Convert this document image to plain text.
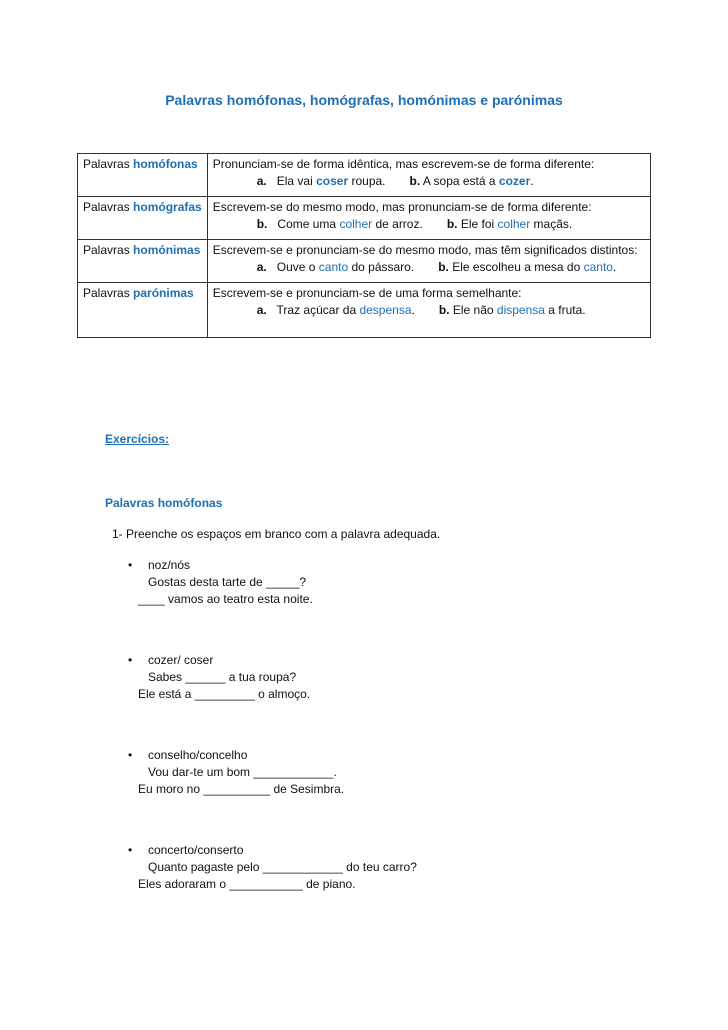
Palavras homófonas, homógrafas, homónimas e parónimas
Palavras homófonas	Pronunciam-se de forma idêntica, mas escrevem-se de forma diferente:
a. Ela vai coser roupa. b. A sopa está a cozer.

Palavras homógrafas	Escrevem-se do mesmo modo, mas pronunciam-se de forma diferente:
b. Come uma colher de arroz. b. Ele foi colher maçãs.

Palavras homónimas	Escrevem-se e pronunciam-se do mesmo modo, mas têm significados distintos:
a. Ouve o canto do pássaro. b. Ele escolheu a mesa do canto.

Palavras parónimas	Escrevem-se e pronunciam-se de uma forma semelhante:
a. Traz açúcar da despensa. b. Ele não dispensa a fruta.
Exercícios:
Palavras homófonas
1- Preenche os espaços em branco com a palavra adequada.
•	noz/nós
Gostas desta tarte de _____?
____ vamos ao teatro esta noite.
•	cozer/ coser
Sabes ______ a tua roupa?
Ele está a _________ o almoço.
•	conselho/concelho
Vou dar-te um bom ____________.
Eu moro no __________ de Sesimbra.
•	concerto/conserto
Quanto pagaste pelo ____________ do teu carro?
Eles adoraram o ___________ de piano.
